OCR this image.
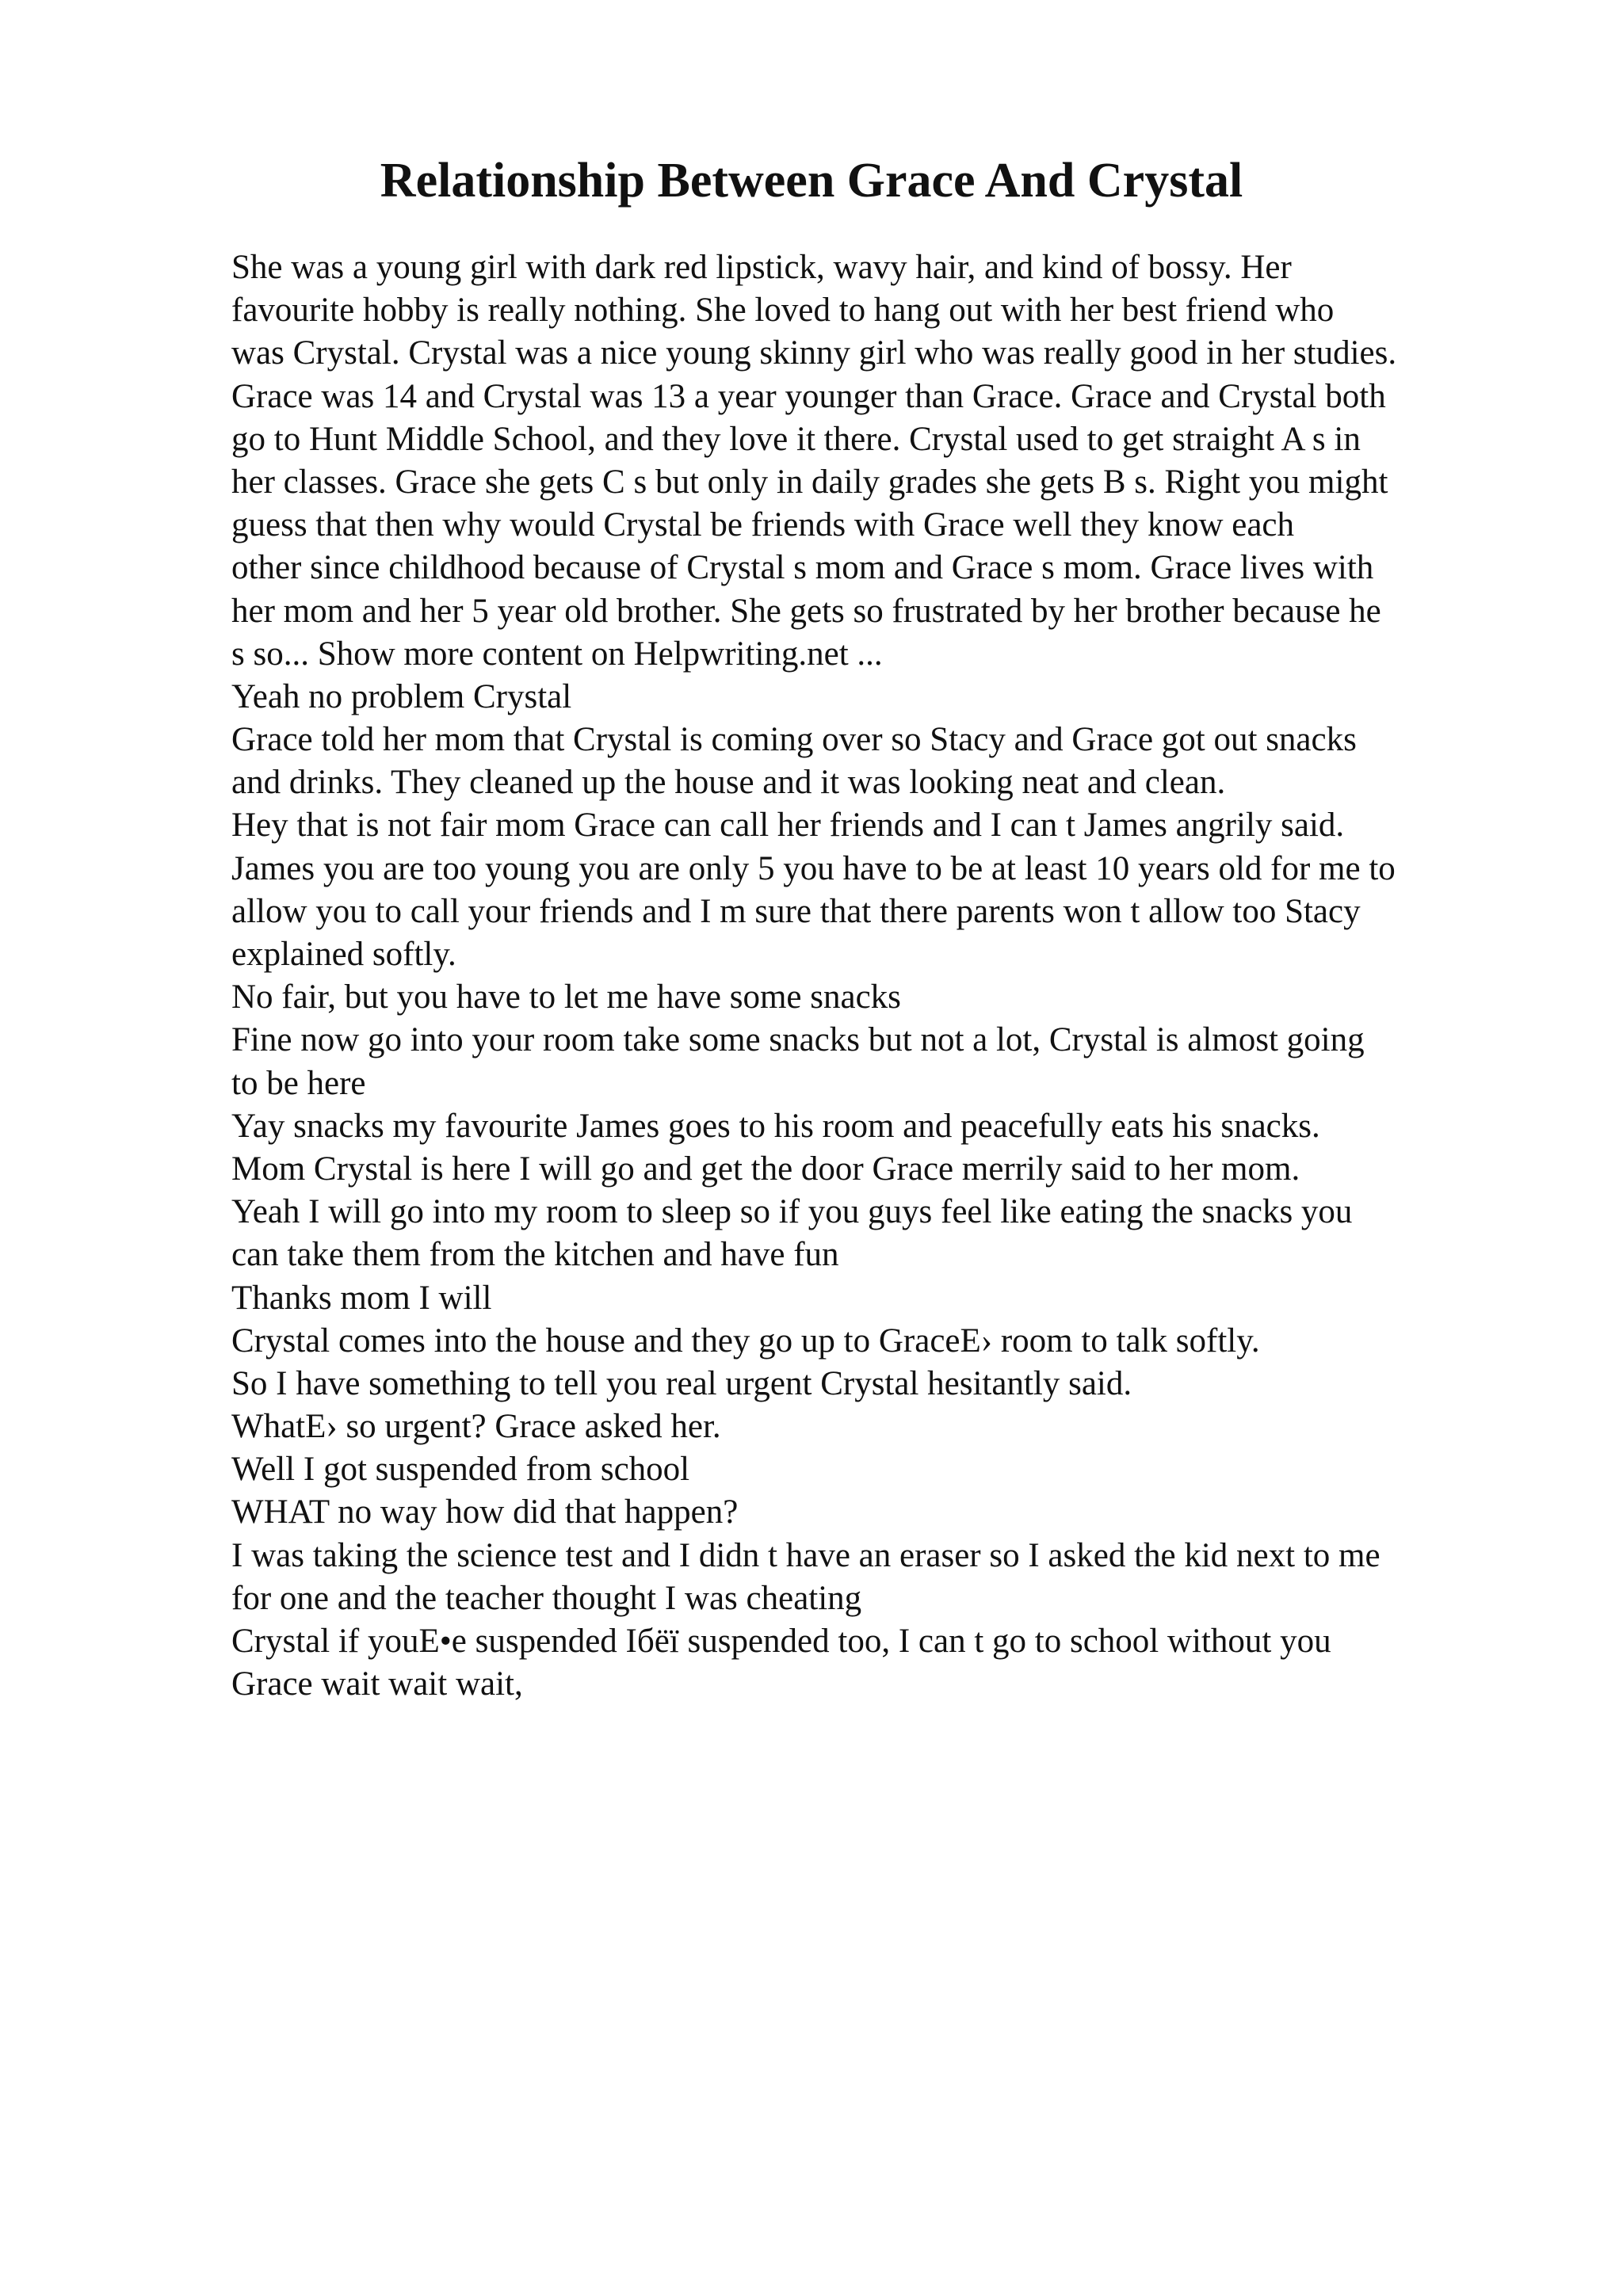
Relationship Between Grace And Crystal
She was a young girl with dark red lipstick, wavy hair, and kind of bossy. Her
favourite hobby is really nothing. She loved to hang out with her best friend who
was Crystal. Crystal was a nice young skinny girl who was really good in her studies.
Grace was 14 and Crystal was 13 a year younger than Grace. Grace and Crystal both
go to Hunt Middle School, and they love it there. Crystal used to get straight A s in
her classes. Grace she gets C s but only in daily grades she gets B s. Right you might
guess that then why would Crystal be friends with Grace well they know each
other since childhood because of Crystal s mom and Grace s mom. Grace lives with
her mom and her 5 year old brother. She gets so frustrated by her brother because he
s so... Show more content on Helpwriting.net ...
Yeah no problem Crystal
Grace told her mom that Crystal is coming over so Stacy and Grace got out snacks
and drinks. They cleaned up the house and it was looking neat and clean.
Hey that is not fair mom Grace can call her friends and I can t James angrily said.
James you are too young you are only 5 you have to be at least 10 years old for me to
allow you to call your friends and I m sure that there parents won t allow too Stacy
explained softly.
No fair, but you have to let me have some snacks
Fine now go into your room take some snacks but not a lot, Crystal is almost going
to be here
Yay snacks my favourite James goes to his room and peacefully eats his snacks.
Mom Crystal is here I will go and get the door Grace merrily said to her mom.
Yeah I will go into my room to sleep so if you guys feel like eating the snacks you
can take them from the kitchen and have fun
Thanks mom I will
Crystal comes into the house and they go up to GraceE› room to talk softly.
So I have something to tell you real urgent Crystal hesitantly said.
WhatE› so urgent? Grace asked her.
Well I got suspended from school
WHAT no way how did that happen?
I was taking the science test and I didn t have an eraser so I asked the kid next to me
for one and the teacher thought I was cheating
Crystal if youE•e suspended Iбёї suspended too, I can t go to school without you
Grace wait wait wait,
